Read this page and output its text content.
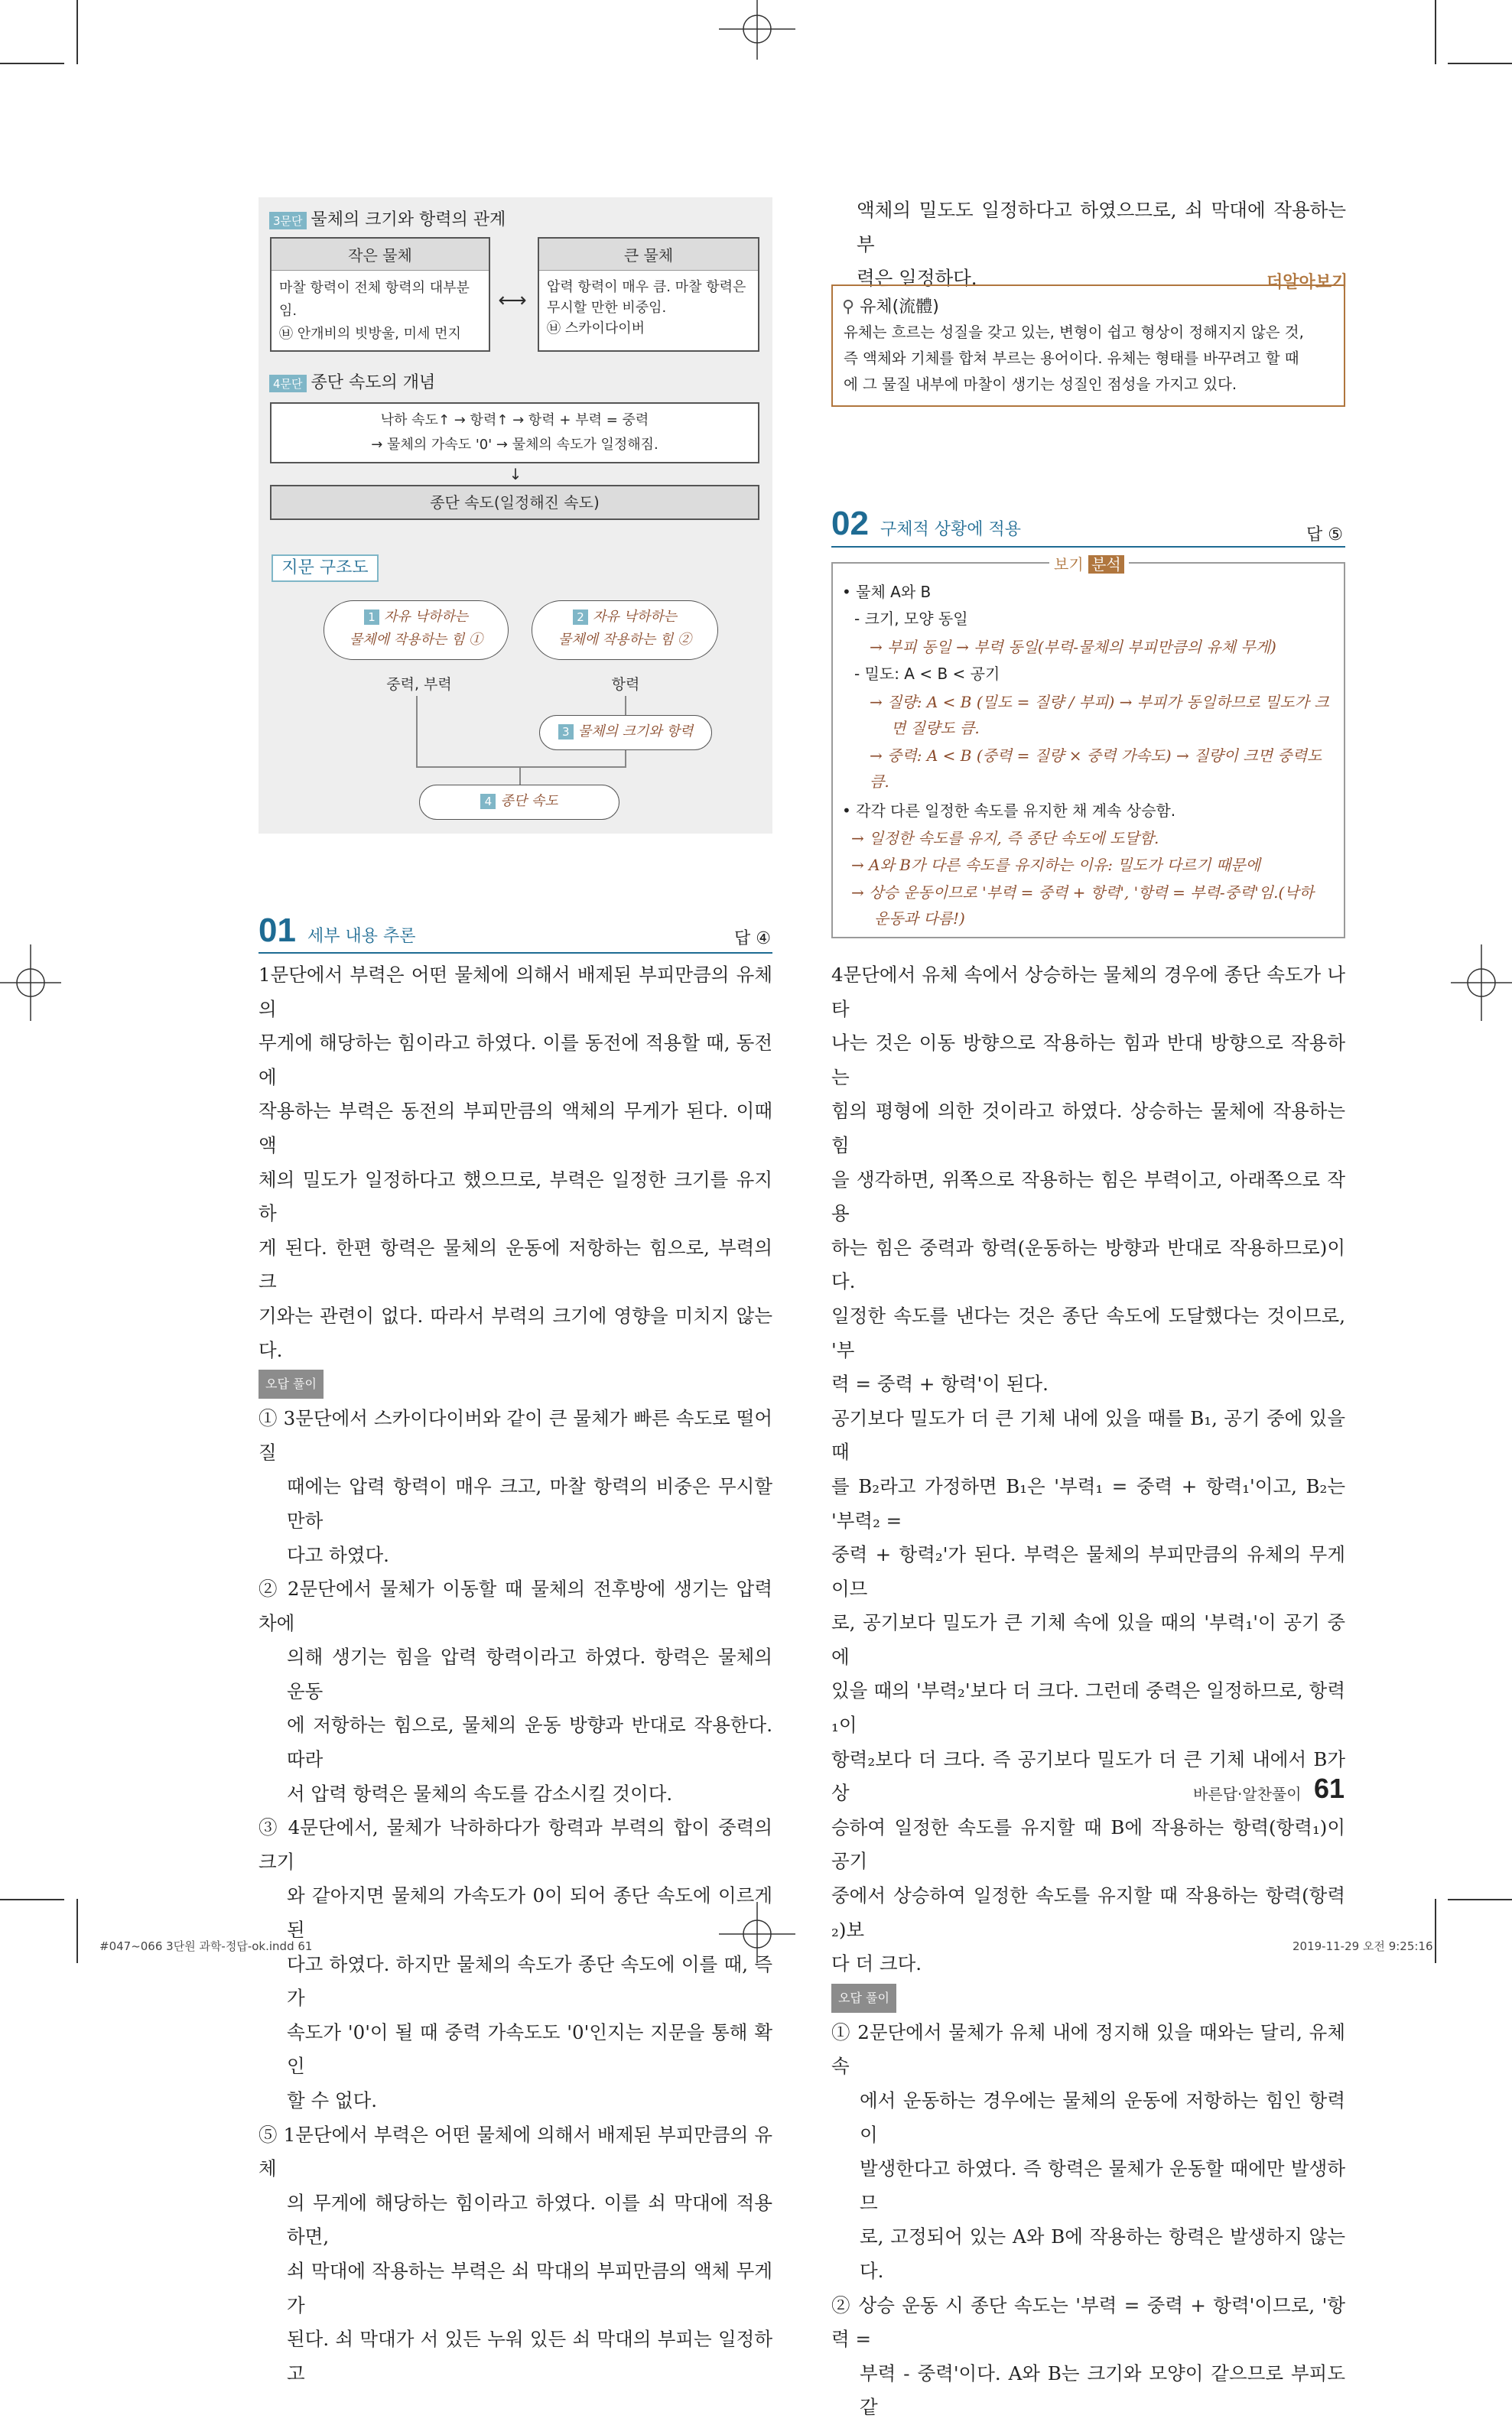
3문단 물체의 크기와 항력의 관계
작은 물체
마찰 항력이 전체 항력의 대부분임.
㉥ 안개비의 빗방울, 미세 먼지
⟷
큰 물체
압력 항력이 매우 큼. 마찰 항력은
무시할 만한 비중임.
㉥ 스카이다이버
4문단 종단 속도의 개념
낙하 속도↑ → 항력↑ → 항력 + 부력 = 중력
→ 물체의 가속도 '0' → 물체의 속도가 일정해짐.
↓
종단 속도(일정해진 속도)
지문 구조도
1 자유 낙하하는
물체에 작용하는 힘 ①
2 자유 낙하하는
물체에 작용하는 힘 ②
중력, 부력	항력
3 물체의 크기와 항력
4 종단 속도
01 세부 내용 추론	답 ④

1문단에서 부력은 어떤 물체에 의해서 배제된 부피만큼의 유체의

무게에 해당하는 힘이라고 하였다. 이를 동전에 적용할 때, 동전에

작용하는 부력은 동전의 부피만큼의 액체의 무게가 된다. 이때 액

체의 밀도가 일정하다고 했으므로, 부력은 일정한 크기를 유지하

게 된다. 한편 항력은 물체의 운동에 저항하는 힘으로, 부력의 크

기와는 관련이 없다. 따라서 부력의 크기에 영향을 미치지 않는다.

오답 풀이

① 3문단에서 스카이다이버와 같이 큰 물체가 빠른 속도로 떨어질

때에는 압력 항력이 매우 크고, 마찰 항력의 비중은 무시할 만하

다고 하였다.

② 2문단에서 물체가 이동할 때 물체의 전후방에 생기는 압력 차에

의해 생기는 힘을 압력 항력이라고 하였다. 항력은 물체의 운동

에 저항하는 힘으로, 물체의 운동 방향과 반대로 작용한다. 따라

서 압력 항력은 물체의 속도를 감소시킬 것이다.

③ 4문단에서, 물체가 낙하하다가 항력과 부력의 합이 중력의 크기

와 같아지면 물체의 가속도가 0이 되어 종단 속도에 이르게 된

다고 하였다. 하지만 물체의 속도가 종단 속도에 이를 때, 즉 가

속도가 '0'이 될 때 중력 가속도도 '0'인지는 지문을 통해 확인

할 수 없다.

⑤ 1문단에서 부력은 어떤 물체에 의해서 배제된 부피만큼의 유체

의 무게에 해당하는 힘이라고 하였다. 이를 쇠 막대에 적용하면,

쇠 막대에 작용하는 부력은 쇠 막대의 부피만큼의 액체 무게가

된다. 쇠 막대가 서 있든 누워 있든 쇠 막대의 부피는 일정하고

액체의 밀도도 일정하다고 하였으므로, 쇠 막대에 작용하는 부

력은 일정하다.	더알아보기
⚲ 유체(流體)
유체는 흐르는 성질을 갖고 있는, 변형이 쉽고 형상이 정해지지 않은 것,
즉 액체와 기체를 합쳐 부르는 용어이다. 유체는 형태를 바꾸려고 할 때
에 그 물질 내부에 마찰이 생기는 성질인 점성을 가지고 있다.
02 구체적 상황에 적용	답 ⑤
• 물체 A와 B
- 크기, 모양 동일
→ 부피 동일 → 부력 동일(부력-물체의 부피만큼의 유체 무게)
- 밀도: A < B < 공기
→ 질량: A < B (밀도 = 질량 / 부피) → 부피가 동일하므로 밀도가 크
면 질량도 큼.
→ 중력: A < B (중력 = 질량 × 중력 가속도) → 질량이 크면 중력도 큼.
• 각각 다른 일정한 속도를 유지한 채 계속 상승함.
→ 일정한 속도를 유지, 즉 종단 속도에 도달함.
→ A와 B가 다른 속도를 유지하는 이유: 밀도가 다르기 때문에
→ 상승 운동이므로 '부력 = 중력 + 항력', '항력 = 부력-중력'임.(낙하
운동과 다름!)
보기 분석

4문단에서 유체 속에서 상승하는 물체의 경우에 종단 속도가 나타

나는 것은 이동 방향으로 작용하는 힘과 반대 방향으로 작용하는

힘의 평형에 의한 것이라고 하였다. 상승하는 물체에 작용하는 힘

을 생각하면, 위쪽으로 작용하는 힘은 부력이고, 아래쪽으로 작용

하는 힘은 중력과 항력(운동하는 방향과 반대로 작용하므로)이다.

일정한 속도를 낸다는 것은 종단 속도에 도달했다는 것이므로, '부

력 = 중력 + 항력'이 된다.

공기보다 밀도가 더 큰 기체 내에 있을 때를 B₁, 공기 중에 있을 때

를 B₂라고 가정하면 B₁은 '부력₁ = 중력 + 항력₁'이고, B₂는 '부력₂ =

중력 + 항력₂'가 된다. 부력은 물체의 부피만큼의 유체의 무게이므

로, 공기보다 밀도가 큰 기체 속에 있을 때의 '부력₁'이 공기 중에

있을 때의 '부력₂'보다 더 크다. 그런데 중력은 일정하므로, 항력₁이

항력₂보다 더 크다. 즉 공기보다 밀도가 더 큰 기체 내에서 B가 상

승하여 일정한 속도를 유지할 때 B에 작용하는 항력(항력₁)이 공기

중에서 상승하여 일정한 속도를 유지할 때 작용하는 항력(항력₂)보

다 더 크다.

오답 풀이

① 2문단에서 물체가 유체 내에 정지해 있을 때와는 달리, 유체 속

에서 운동하는 경우에는 물체의 운동에 저항하는 힘인 항력이

발생한다고 하였다. 즉 항력은 물체가 운동할 때에만 발생하므

로, 고정되어 있는 A와 B에 작용하는 항력은 발생하지 않는다.

② 상승 운동 시 종단 속도는 '부력 = 중력 + 항력'이므로, '항력 =

부력 - 중력'이다. A와 B는 크기와 모양이 같으므로 부피도 같

바른답·알찬풀이 61
#047~066 3단원 과학-정답-ok.indd 61	2019-11-29 오전 9:25:16
